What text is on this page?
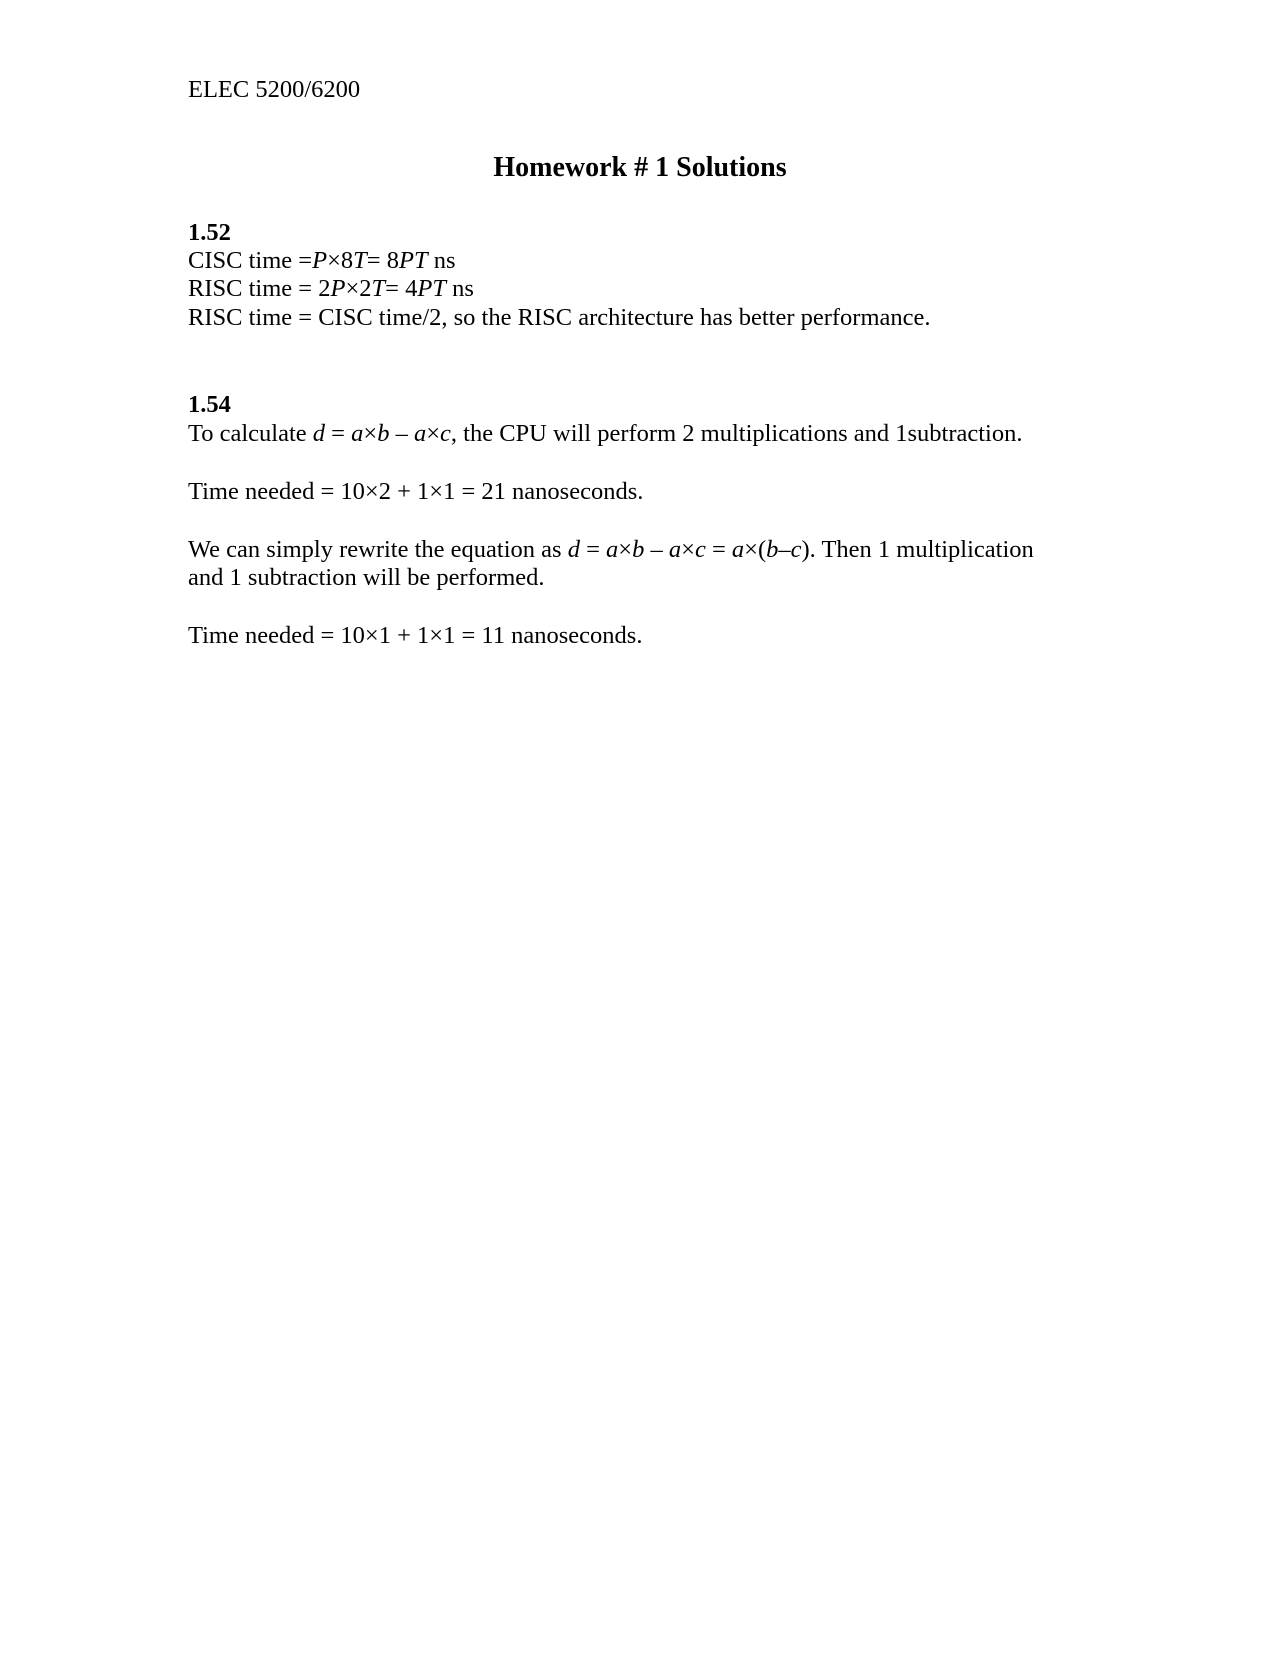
ELEC 5200/6200
Homework # 1 Solutions
1.52
CISC time =P×8T= 8PT ns
RISC time = 2P×2T= 4PT ns
RISC time = CISC time/2, so the RISC architecture has better performance.
1.54
To calculate d = a×b – a×c, the CPU will perform 2 multiplications and 1subtraction.
Time needed = 10×2 + 1×1 = 21 nanoseconds.
We can simply rewrite the equation as d = a×b – a×c = a×(b–c). Then 1 multiplication
and 1 subtraction will be performed.
Time needed = 10×1 + 1×1 = 11 nanoseconds.
